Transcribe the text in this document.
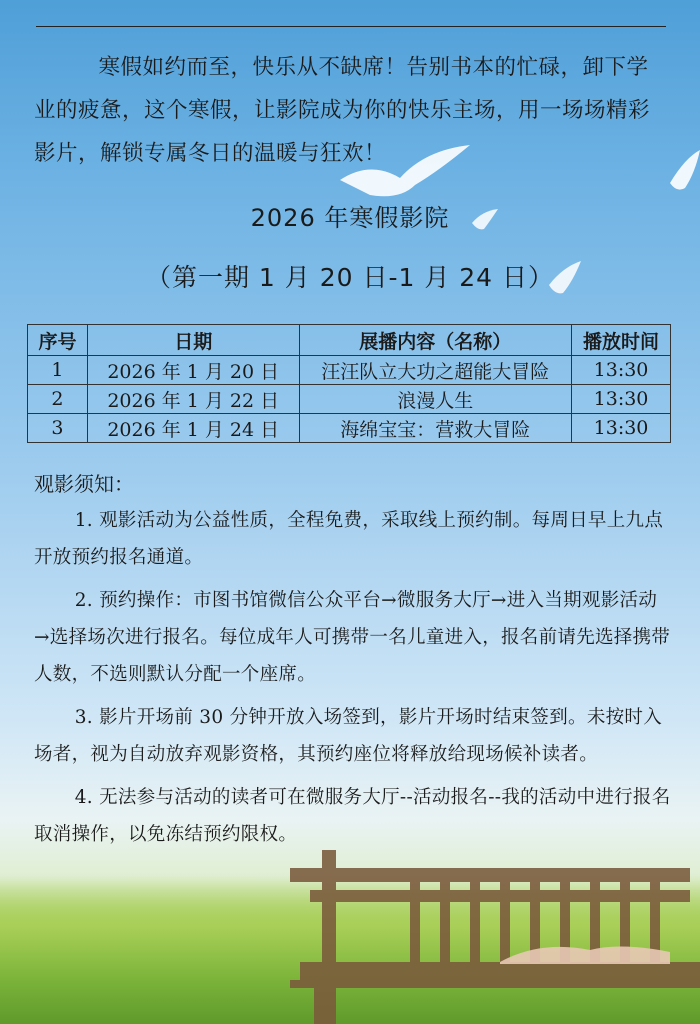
寒假如约而至，快乐从不缺席！告别书本的忙碌，卸下学业的疲惫，这个寒假，让影院成为你的快乐主场，用一场场精彩影片，解锁专属冬日的温暖与狂欢！

2026 年寒假影院
（第一期 1 月 20 日-1 月 24 日）
序号	日期	展播内容（名称）	播放时间
1	2026 年 1 月 20 日	汪汪队立大功之超能大冒险	13:30
2	2026 年 1 月 22 日	浪漫人生	13:30
3	2026 年 1 月 24 日	海绵宝宝：营救大冒险	13:30
观影须知：

1. 观影活动为公益性质，全程免费，采取线上预约制。每周日早上九点开放预约报名通道。

2. 预约操作：市图书馆微信公众平台→微服务大厅→进入当期观影活动→选择场次进行报名。每位成年人可携带一名儿童进入，报名前请先选择携带人数，不选则默认分配一个座席。

3. 影片开场前 30 分钟开放入场签到，影片开场时结束签到。未按时入场者，视为自动放弃观影资格，其预约座位将释放给现场候补读者。

4. 无法参与活动的读者可在微服务大厅--活动报名--我的活动中进行报名取消操作，以免冻结预约限权。
